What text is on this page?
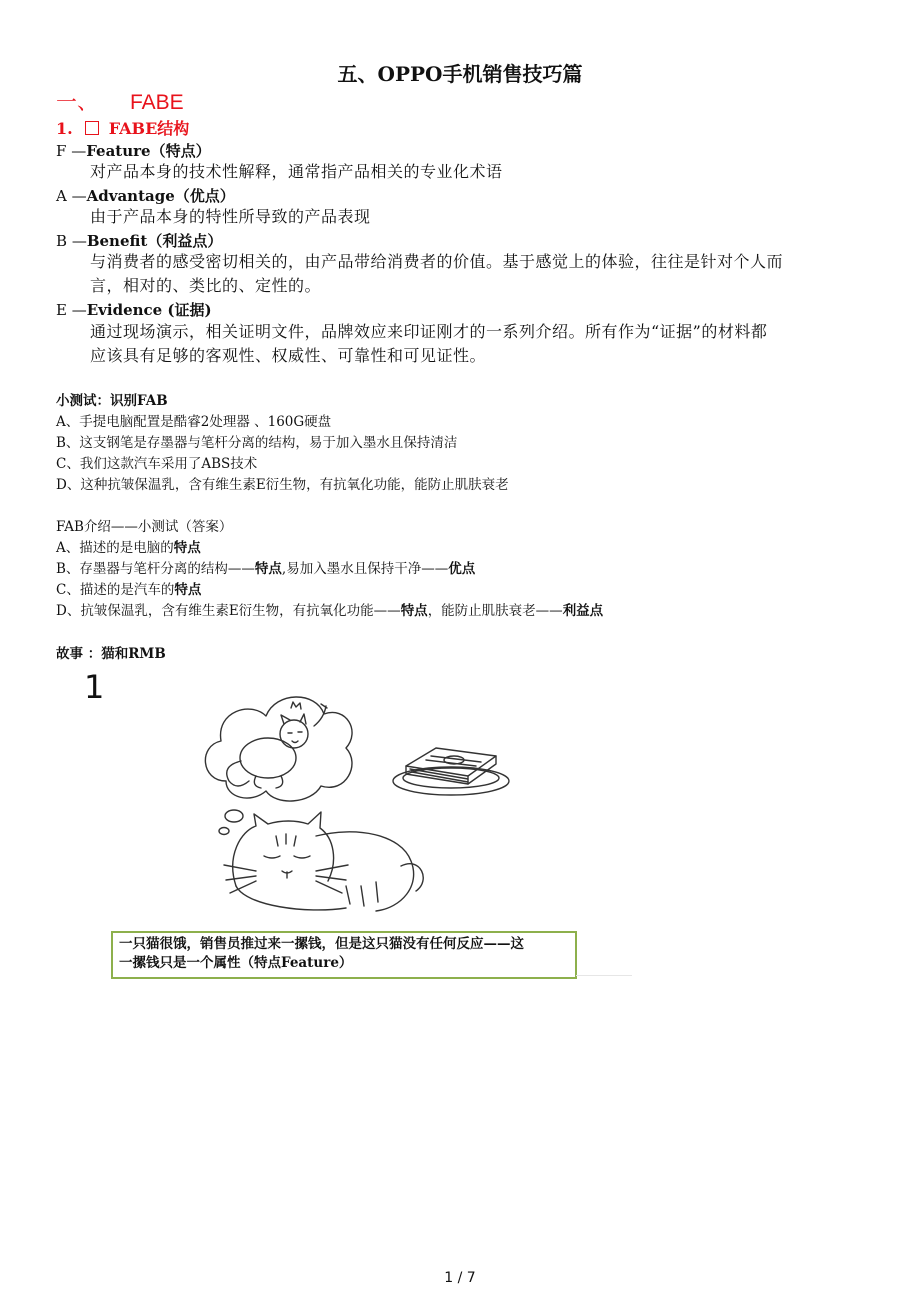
五、OPPO手机销售技巧篇
一、 FABE
1. FABE结构
F —Feature（特点）
对产品本身的技术性解释，通常指产品相关的专业化术语
A —Advantage（优点）
由于产品本身的特性所导致的产品表现
B —Benefit（利益点）
与消费者的感受密切相关的，由产品带给消费者的价值。基于感觉上的体验，往往是针对个人而
言，相对的、类比的、定性的。
E —Evidence (证据)
通过现场演示，相关证明文件，品牌效应来印证刚才的一系列介绍。所有作为“证据”的材料都
应该具有足够的客观性、权威性、可靠性和可见证性。
小测试：识别FAB
A、手提电脑配置是酷睿2处理器 、160G硬盘
B、这支钢笔是存墨器与笔杆分离的结构，易于加入墨水且保持清洁
C、我们这款汽车采用了ABS技术
D、这种抗皱保温乳，含有维生素E衍生物，有抗氧化功能，能防止肌肤衰老
FAB介绍——小测试（答案）
A、描述的是电脑的特点
B、存墨器与笔杆分离的结构——特点,易加入墨水且保持干净——优点
C、描述的是汽车的特点
D、抗皱保温乳，含有维生素E衍生物，有抗氧化功能——特点，能防止肌肤衰老——利益点
故事 ：猫和RMB
1
一只猫很饿，销售员推过来一摞钱，但是这只猫没有任何反应——这
一摞钱只是一个属性（特点Feature）
1 / 7
